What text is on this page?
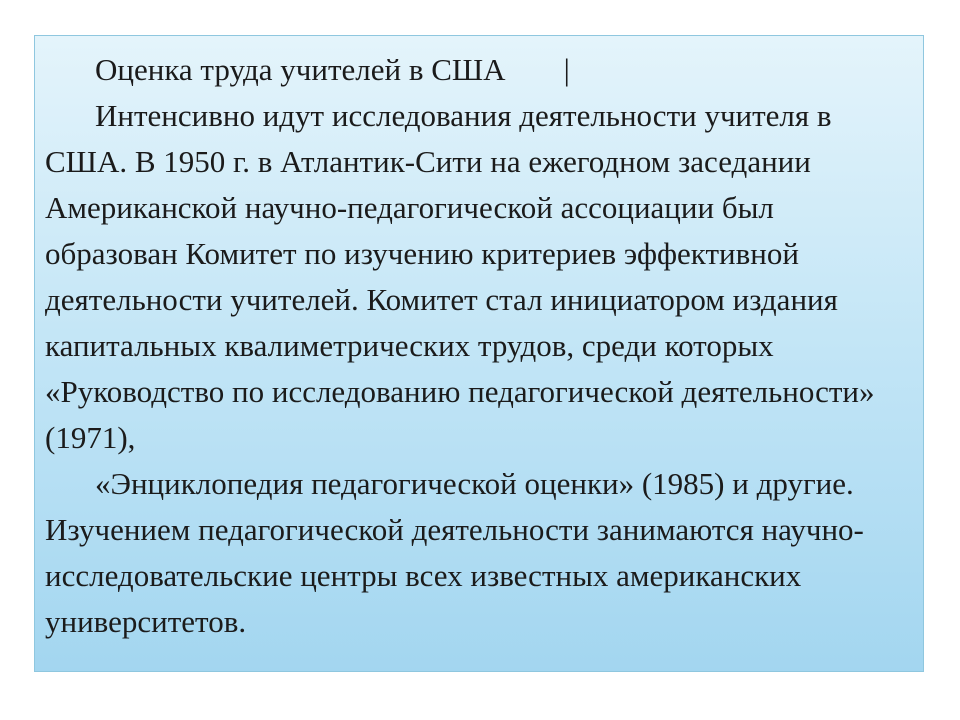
Оценка труда учителей в США |

Интенсивно идут исследования деятельности учителя в США. В 1950 г. в Атлантик-Сити на ежегодном заседании Американской научно-педагогической ассоциации был образован Комитет по изучению критериев эффективной деятельности учителей. Комитет стал инициатором издания капитальных квалиметрических трудов, среди которых «Руководство по исследованию педагогической деятельности» (1971),

«Энциклопедия педагогической оценки» (1985) и другие. Изучением педагогической деятельности занимаются научно-исследовательские центры всех известных американских университетов.
